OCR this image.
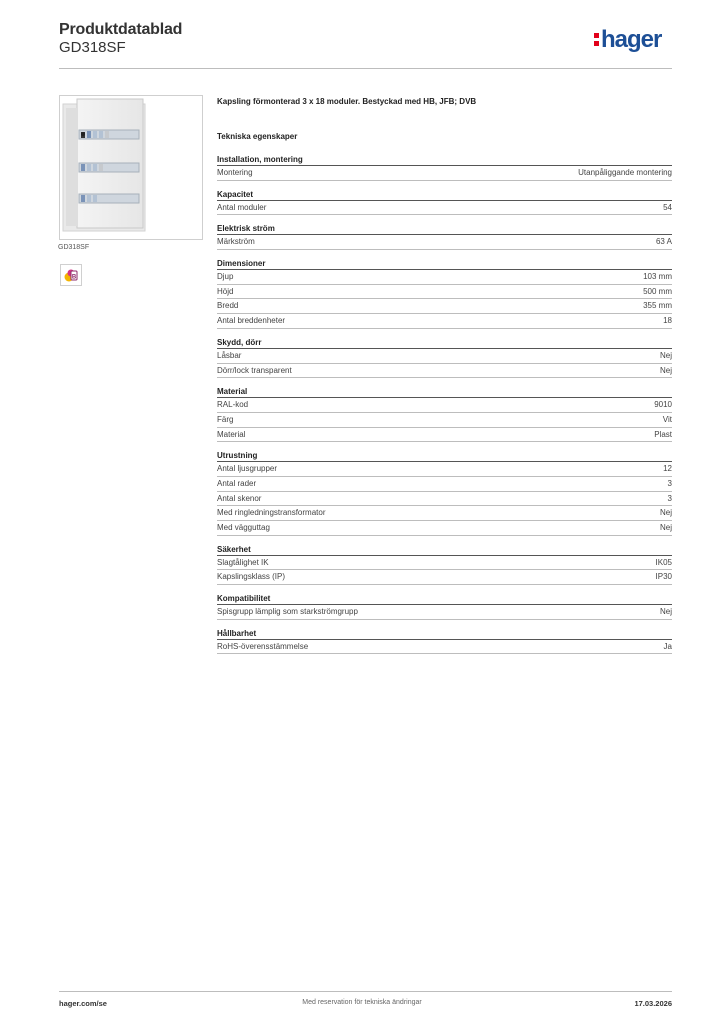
Produktdatablad
GD318SF	hager
GD318SF
B
Kapsling förmonterad 3 x 18 moduler. Bestyckad med HB, JFB; DVB
Tekniska egenskaper
Installation, montering
Montering	Utanpåliggande montering
Kapacitet
Antal moduler	54
Elektrisk ström
Märkström	63 A
Dimensioner
Djup	103 mm
Höjd	500 mm
Bredd	355 mm
Antal breddenheter	18
Skydd, dörr
Låsbar	Nej
Dörr/lock transparent	Nej
Material
RAL-kod	9010
Färg	Vit
Material	Plast
Utrustning
Antal ljusgrupper	12
Antal rader	3
Antal skenor	3
Med ringledningstransformator	Nej
Med vägguttag	Nej
Säkerhet
Slagtålighet IK	IK05
Kapslingsklass (IP)	IP30
Kompatibilitet
Spisgrupp lämplig som starkströmgrupp	Nej
Hållbarhet
RoHS-överensstämmelse	Ja
hager.com/se	Med reservation för tekniska ändringar	17.03.2026
